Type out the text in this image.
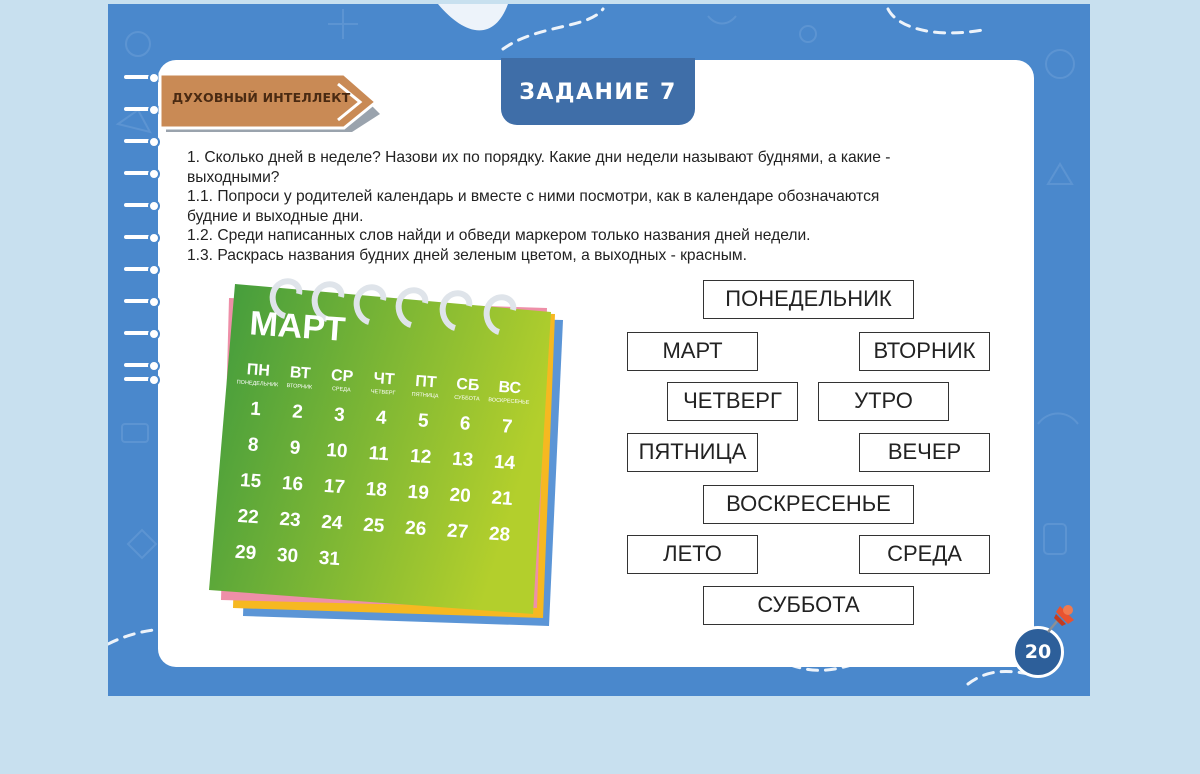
ДУХОВНЫЙ ИНТЕЛЛЕКТ	ЗАДАНИЕ 7

1. Сколько дней в неделе? Назови их по порядку. Какие дни недели называют буднями, а какие -

выходными?

1.1. Попроси у родителей календарь и вместе с ними посмотри, как в календаре обозначаются

будние и выходные дни.

1.2. Среди написанных слов найди и обведи маркером только названия дней недели.

1.3. Раскрась названия будних дней зеленым цветом, а выходных - красным.

МАРТ
ПН ВТ СР ЧТ ПТ СБ ВС
ПОНЕДЕЛЬНИК ВТОРНИК	СРЕДА	ЧЕТВЕРГ	ПЯТНИЦА	СУББОТА ВОСКРЕСЕНЬЕ
1 2 3 4 5 6 7
8 9 10 11 12 13 14
15 16 17 18 19 20 21
22 23 24 25 26 27 28
29 30 31
ПОНЕДЕЛЬНИК
МАРТ	ВТОРНИК
ЧЕТВЕРГ	УТРО
ПЯТНИЦА	ВЕЧЕР
ВОСКРЕСЕНЬЕ
ЛЕТО	СРЕДА
СУББОТА
20
